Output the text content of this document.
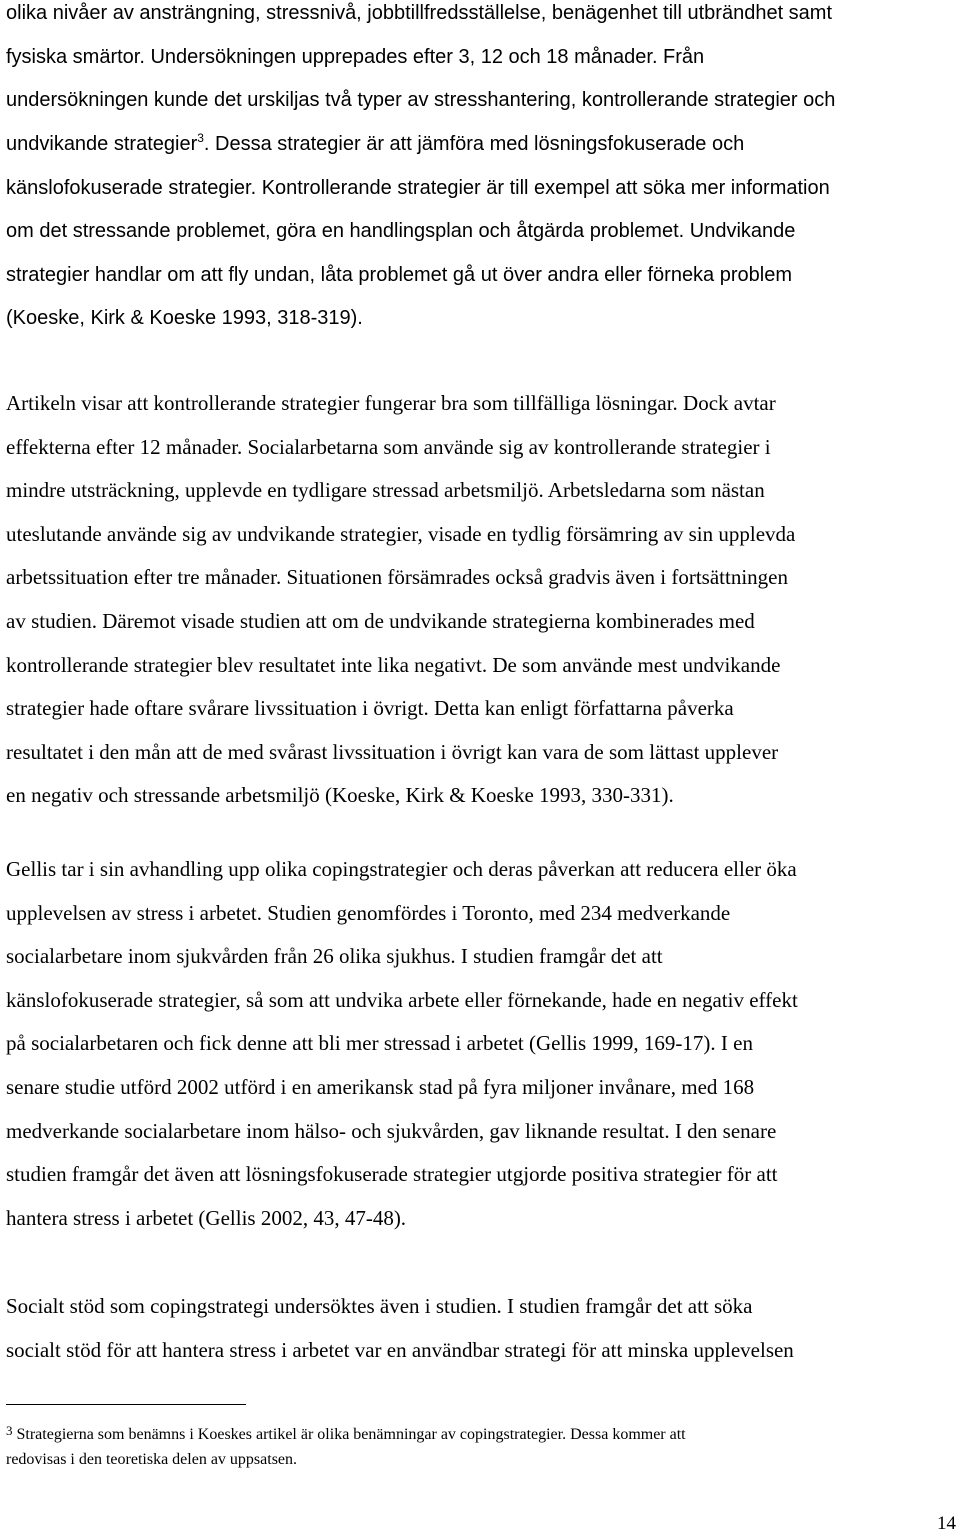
olika nivåer av ansträngning, stressnivå, jobbtillfredsställelse, benägenhet till utbrändhet samt
fysiska smärtor. Undersökningen upprepades efter 3, 12 och 18 månader. Från
undersökningen kunde det urskiljas två typer av stresshantering, kontrollerande strategier och
undvikande strategier$^3$. Dessa strategier är att jämföra med lösningsfokuserade och
känslofokuserade strategier. Kontrollerande strategier är till exempel att söka mer information
om det stressande problemet, göra en handlingsplan och åtgärda problemet. Undvikande
strategier handlar om att fly undan, låta problemet gå ut över andra eller förneka problem
(Koeske, Kirk & Koeske 1993, 318-319).
Artikeln visar att kontrollerande strategier fungerar bra som tillfälliga lösningar. Dock avtar
effekterna efter 12 månader. Socialarbetarna som använde sig av kontrollerande strategier i
mindre utsträckning, upplevde en tydligare stressad arbetsmiljö. Arbetsledarna som nästan
uteslutande använde sig av undvikande strategier, visade en tydlig försämring av sin upplevda
arbetssituation efter tre månader. Situationen försämrades också gradvis även i fortsättningen
av studien. Däremot visade studien att om de undvikande strategierna kombinerades med
kontrollerande strategier blev resultatet inte lika negativt. De som använde mest undvikande
strategier hade oftare svårare livssituation i övrigt. Detta kan enligt författarna påverka
resultatet i den mån att de med svårast livssituation i övrigt kan vara de som lättast upplever
en negativ och stressande arbetsmiljö (Koeske, Kirk & Koeske 1993, 330-331).
Gellis tar i sin avhandling upp olika copingstrategier och deras påverkan att reducera eller öka
upplevelsen av stress i arbetet. Studien genomfördes i Toronto, med 234 medverkande
socialarbetare inom sjukvården från 26 olika sjukhus. I studien framgår det att
känslofokuserade strategier, så som att undvika arbete eller förnekande, hade en negativ effekt
på socialarbetaren och fick denne att bli mer stressad i arbetet (Gellis 1999, 169-17). I en
senare studie utförd 2002 utförd i en amerikansk stad på fyra miljoner invånare, med 168
medverkande socialarbetare inom hälso- och sjukvården, gav liknande resultat. I den senare
studien framgår det även att lösningsfokuserade strategier utgjorde positiva strategier för att
hantera stress i arbetet (Gellis 2002, 43, 47-48).
Socialt stöd som copingstrategi undersöktes även i studien. I studien framgår det att söka
socialt stöd för att hantera stress i arbetet var en användbar strategi för att minska upplevelsen
$^3$ Strategierna som benämns i Koeskes artikel är olika benämningar av copingstrategier. Dessa kommer att
redovisas i den teoretiska delen av uppsatsen.
14
